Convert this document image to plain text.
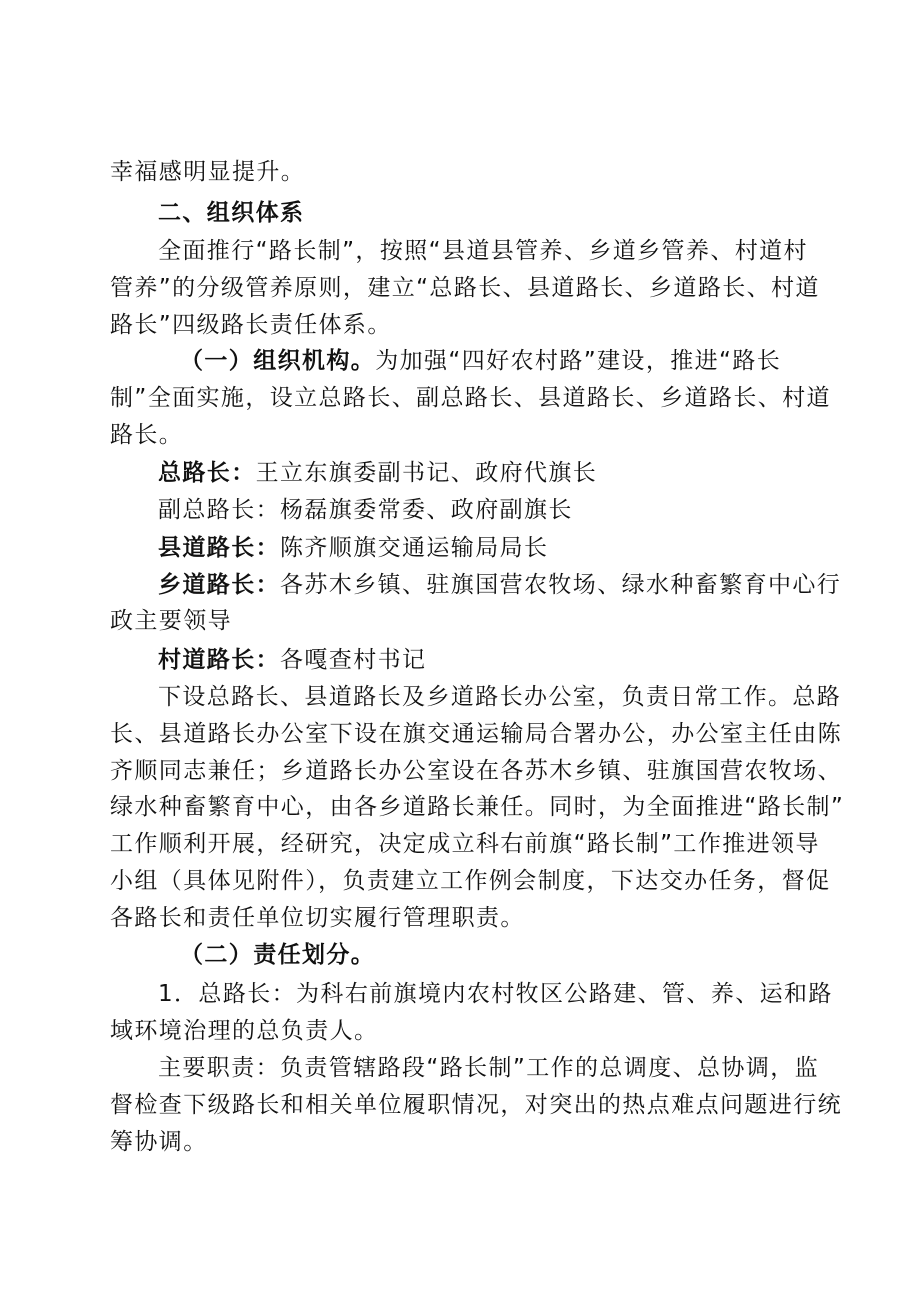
幸福感明显提升。
二、组织体系
全面推行“路长制”，按照“县道县管养、乡道乡管养、村道村
管养”的分级管养原则，建立“总路长、县道路长、乡道路长、村道
路长”四级路长责任体系。
（一）组织机构。为加强“四好农村路”建设，推进“路长
制”全面实施，设立总路长、副总路长、县道路长、乡道路长、村道
路长。
总路长：王立东旗委副书记、政府代旗长
副总路长：杨磊旗委常委、政府副旗长
县道路长：陈齐顺旗交通运输局局长
乡道路长：各苏木乡镇、驻旗国营农牧场、绿水种畜繁育中心行
政主要领导
村道路长：各嘎查村书记
下设总路长、县道路长及乡道路长办公室，负责日常工作。总路
长、县道路长办公室下设在旗交通运输局合署办公，办公室主任由陈
齐顺同志兼任；乡道路长办公室设在各苏木乡镇、驻旗国营农牧场、
绿水种畜繁育中心，由各乡道路长兼任。同时，为全面推进“路长制”
工作顺利开展，经研究，决定成立科右前旗“路长制”工作推进领导
小组（具体见附件），负责建立工作例会制度，下达交办任务，督促
各路长和责任单位切实履行管理职责。
（二）责任划分。
1．总路长：为科右前旗境内农村牧区公路建、管、养、运和路
域环境治理的总负责人。
主要职责：负责管辖路段“路长制”工作的总调度、总协调，监
督检查下级路长和相关单位履职情况，对突出的热点难点问题进行统
筹协调。
